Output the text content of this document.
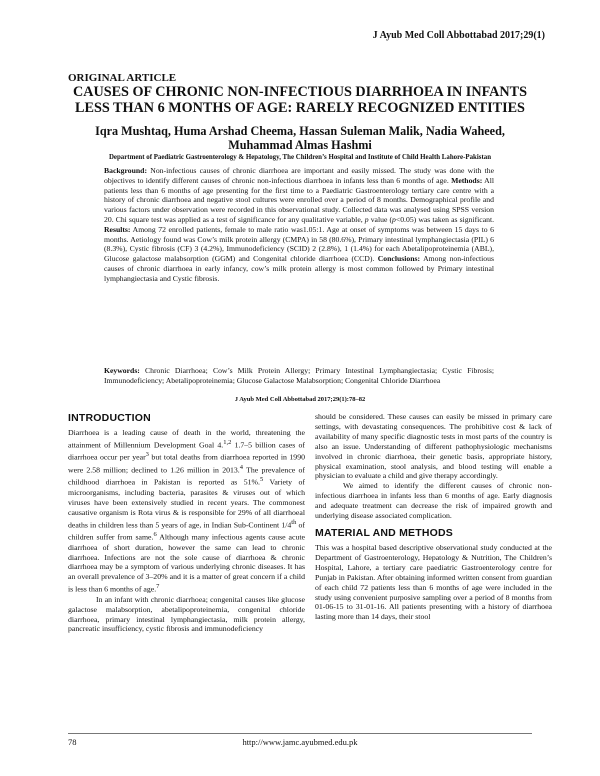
J Ayub Med Coll Abbottabad 2017;29(1)
ORIGINAL ARTICLE
CAUSES OF CHRONIC NON-INFECTIOUS DIARRHOEA IN INFANTS LESS THAN 6 MONTHS OF AGE: RARELY RECOGNIZED ENTITIES
Iqra Mushtaq, Huma Arshad Cheema, Hassan Suleman Malik, Nadia Waheed, Muhammad Almas Hashmi
Department of Paediatric Gastroenterology & Hepatology, The Children’s Hospital and Institute of Child Health Lahore-Pakistan
Background: Non-infectious causes of chronic diarrhoea are important and easily missed. The study was done with the objectives to identify different causes of chronic non-infectious diarrhoea in infants less than 6 months of age. Methods: All patients less than 6 months of age presenting for the first time to a Paediatric Gastroenterology tertiary care centre with a history of chronic diarrhoea and negative stool cultures were enrolled over a period of 8 months. Demographical profile and various factors under observation were recorded in this observational study. Collected data was analysed using SPSS version 20. Chi square test was applied as a test of significance for any qualitative variable, p value (p<0.05) was taken as significant. Results: Among 72 enrolled patients, female to male ratio was1.05:1. Age at onset of symptoms was between 15 days to 6 months. Aetiology found was Cow’s milk protein allergy (CMPA) in 58 (80.6%), Primary intestinal lymphangiectasia (PIL) 6 (8.3%), Cystic fibrosis (CF) 3 (4.2%), Immunodeficiency (SCID) 2 (2.8%), 1 (1.4%) for each Abetalipoproteinemia (ABL), Glucose galactose malabsorption (GGM) and Congenital chloride diarrhoea (CCD). Conclusions: Among non-infectious causes of chronic diarrhoea in early infancy, cow’s milk protein allergy is most common followed by Primary intestinal lymphangiectasia and Cystic fibrosis.
Keywords: Chronic Diarrhoea; Cow’s Milk Protein Allergy; Primary Intestinal Lymphangiectasia; Cystic Fibrosis; Immunodeficiency; Abetalipoproteinemia; Glucose Galactose Malabsorption; Congenital Chloride Diarrhoea
J Ayub Med Coll Abbottabad 2017;29(1):78–82
INTRODUCTION

Diarrhoea is a leading cause of death in the world, threatening the attainment of Millennium Development Goal 4.$^{1,2}$ 1.7–5 billion cases of diarrhoea occur per year$^3$ but total deaths from diarrhoea reported in 1990 were 2.58 million; declined to 1.26 million in 2013.$^4$ The prevalence of childhood diarrhoea in Pakistan is reported as 51%.$^5$ Variety of microorganisms, including bacteria, parasites & viruses out of which viruses have been extensively studied in recent years. The commonest causative organism is Rota virus & is responsible for 29% of all diarrhoeal deaths in children less than 5 years of age, in Indian Sub-Continent 1/4th of children suffer from same.$^6$ Although many infectious agents cause acute diarrhoea of short duration, however the same can lead to chronic diarrhoea. Infections are not the sole cause of diarrhoea & chronic diarrhoea may be a symptom of various underlying chronic diseases. It has an overall prevalence of 3–20% and it is a matter of great concern if a child is less than 6 months of age.$^7$

In an infant with chronic diarrhoea; congenital causes like glucose galactose malabsorption, abetalipoproteinemia, congenital chloride diarrhoea, primary intestinal lymphangiectasia, milk protein allergy, pancreatic insufficiency, cystic fibrosis and immunodeficiency

should be considered. These causes can easily be missed in primary care settings, with devastating consequences. The prohibitive cost & lack of availability of many specific diagnostic tests in most parts of the country is also an issue. Understanding of different pathophysiologic mechanisms involved in chronic diarrhoea, their genetic basis, appropriate history, physical examination, stool analysis, and blood testing will enable a physician to evaluate a child and give therapy accordingly.

We aimed to identify the different causes of chronic non- infectious diarrhoea in infants less than 6 months of age. Early diagnosis and adequate treatment can decrease the risk of impaired growth and underlying disease associated complication.

MATERIAL AND METHODS

This was a hospital based descriptive observational study conducted at the Department of Gastroenterology, Hepatology & Nutrition, The Children’s Hospital, Lahore, a tertiary care paediatric Gastroenterology centre for Punjab in Pakistan. After obtaining informed written consent from guardian of each child 72 patients less than 6 months of age were included in the study using convenient purposive sampling over a period of 8 months from 01-06-15 to 31-01-16. All patients presenting with a history of diarrhoea lasting more than 14 days, their stool

78	http://www.jamc.ayubmed.edu.pk
